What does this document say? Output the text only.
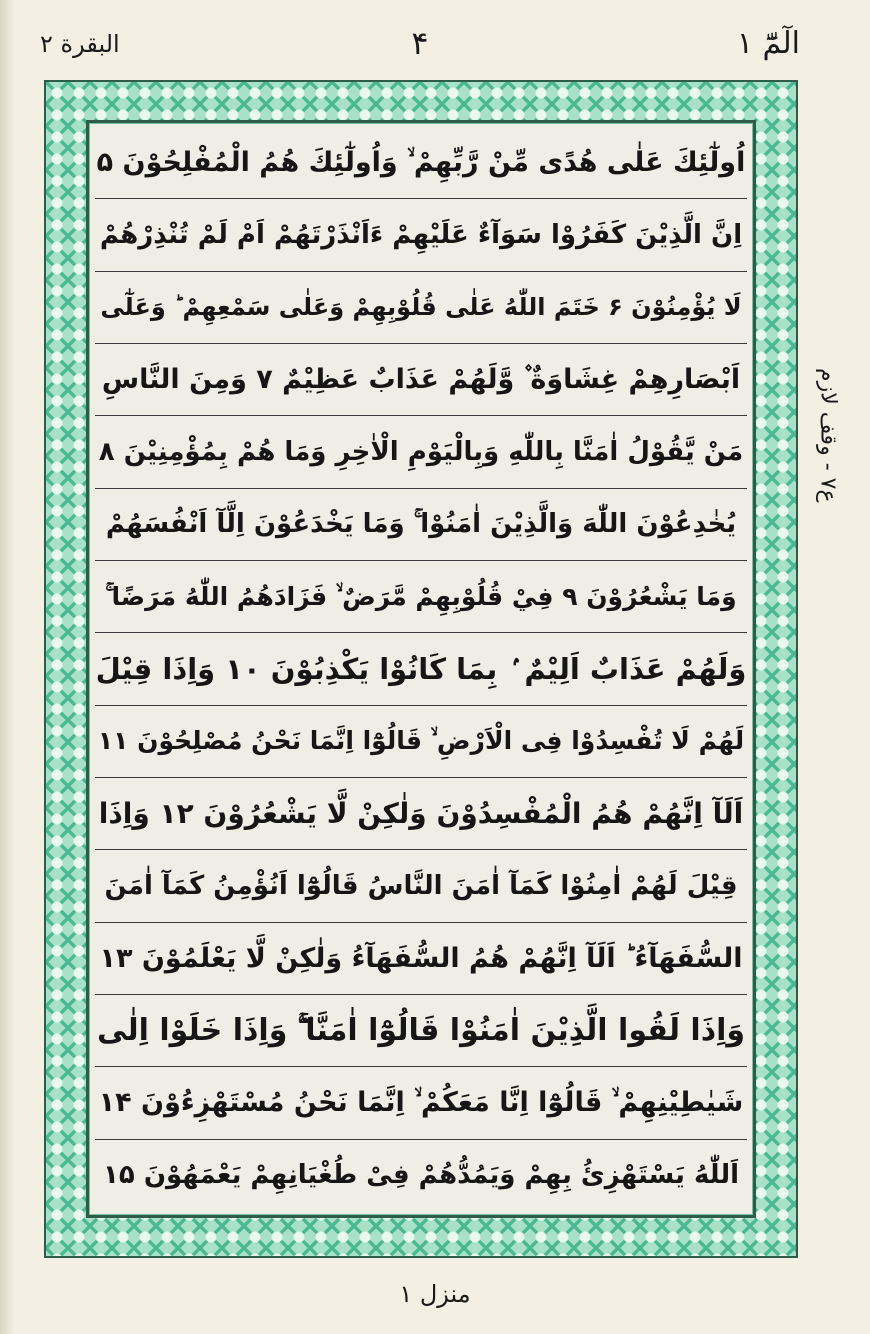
الٓمّٓ ۱
۴
البقرة ۲
اُولٰٓئِكَ عَلٰى هُدًى مِّنْ رَّبِّهِمْ ۙ وَاُولٰٓئِكَ هُمُ الْمُفْلِحُوْنَ ۵
اِنَّ الَّذِيْنَ كَفَرُوْا سَوَآءٌ عَلَيْهِمْ ءَاَنْذَرْتَهُمْ اَمْ لَمْ تُنْذِرْهُمْ
لَا يُؤْمِنُوْنَ ۶ خَتَمَ اللّٰهُ عَلٰى قُلُوْبِهِمْ وَعَلٰى سَمْعِهِمْ ؕ وَعَلٰٓى
اَبْصَارِهِمْ غِشَاوَةٌ ۫ وَّلَهُمْ عَذَابٌ عَظِيْمٌ ۷ وَمِنَ النَّاسِ
مَنْ يَّقُوْلُ اٰمَنَّا بِاللّٰهِ وَبِالْيَوْمِ الْاٰخِرِ وَمَا هُمْ بِمُؤْمِنِيْنَ ۸
يُخٰدِعُوْنَ اللّٰهَ وَالَّذِيْنَ اٰمَنُوْا ۚ وَمَا يَخْدَعُوْنَ اِلَّآ اَنْفُسَهُمْ
وَمَا يَشْعُرُوْنَ ۹ فِيْ قُلُوْبِهِمْ مَّرَضٌ ۙ فَزَادَهُمُ اللّٰهُ مَرَضًا ۚ
وَلَهُمْ عَذَابٌ اَلِيْمٌ ۢ بِمَا كَانُوْا يَكْذِبُوْنَ ۱۰ وَاِذَا قِيْلَ
لَهُمْ لَا تُفْسِدُوْا فِى الْاَرْضِ ۙ قَالُوْٓا اِنَّمَا نَحْنُ مُصْلِحُوْنَ ۱۱
اَلَآ اِنَّهُمْ هُمُ الْمُفْسِدُوْنَ وَلٰكِنْ لَّا يَشْعُرُوْنَ ۱۲ وَاِذَا
قِيْلَ لَهُمْ اٰمِنُوْا كَمَآ اٰمَنَ النَّاسُ قَالُوْٓا اَنُؤْمِنُ كَمَآ اٰمَنَ
السُّفَهَآءُ ؕ اَلَآ اِنَّهُمْ هُمُ السُّفَهَآءُ وَلٰكِنْ لَّا يَعْلَمُوْنَ ۱۳
وَاِذَا لَقُوا الَّذِيْنَ اٰمَنُوْا قَالُوْٓا اٰمَنَّا ۖۚ وَاِذَا خَلَوْا اِلٰى
شَيٰطِيْنِهِمْ ۙ قَالُوْٓا اِنَّا مَعَكُمْ ۙ اِنَّمَا نَحْنُ مُسْتَهْزِءُوْنَ ۱۴
اَللّٰهُ يَسْتَهْزِئُ بِهِمْ وَيَمُدُّهُمْ فِىْ طُغْيَانِهِمْ يَعْمَهُوْنَ ۱۵
ع۷ - وقف لازم
منزل ۱
